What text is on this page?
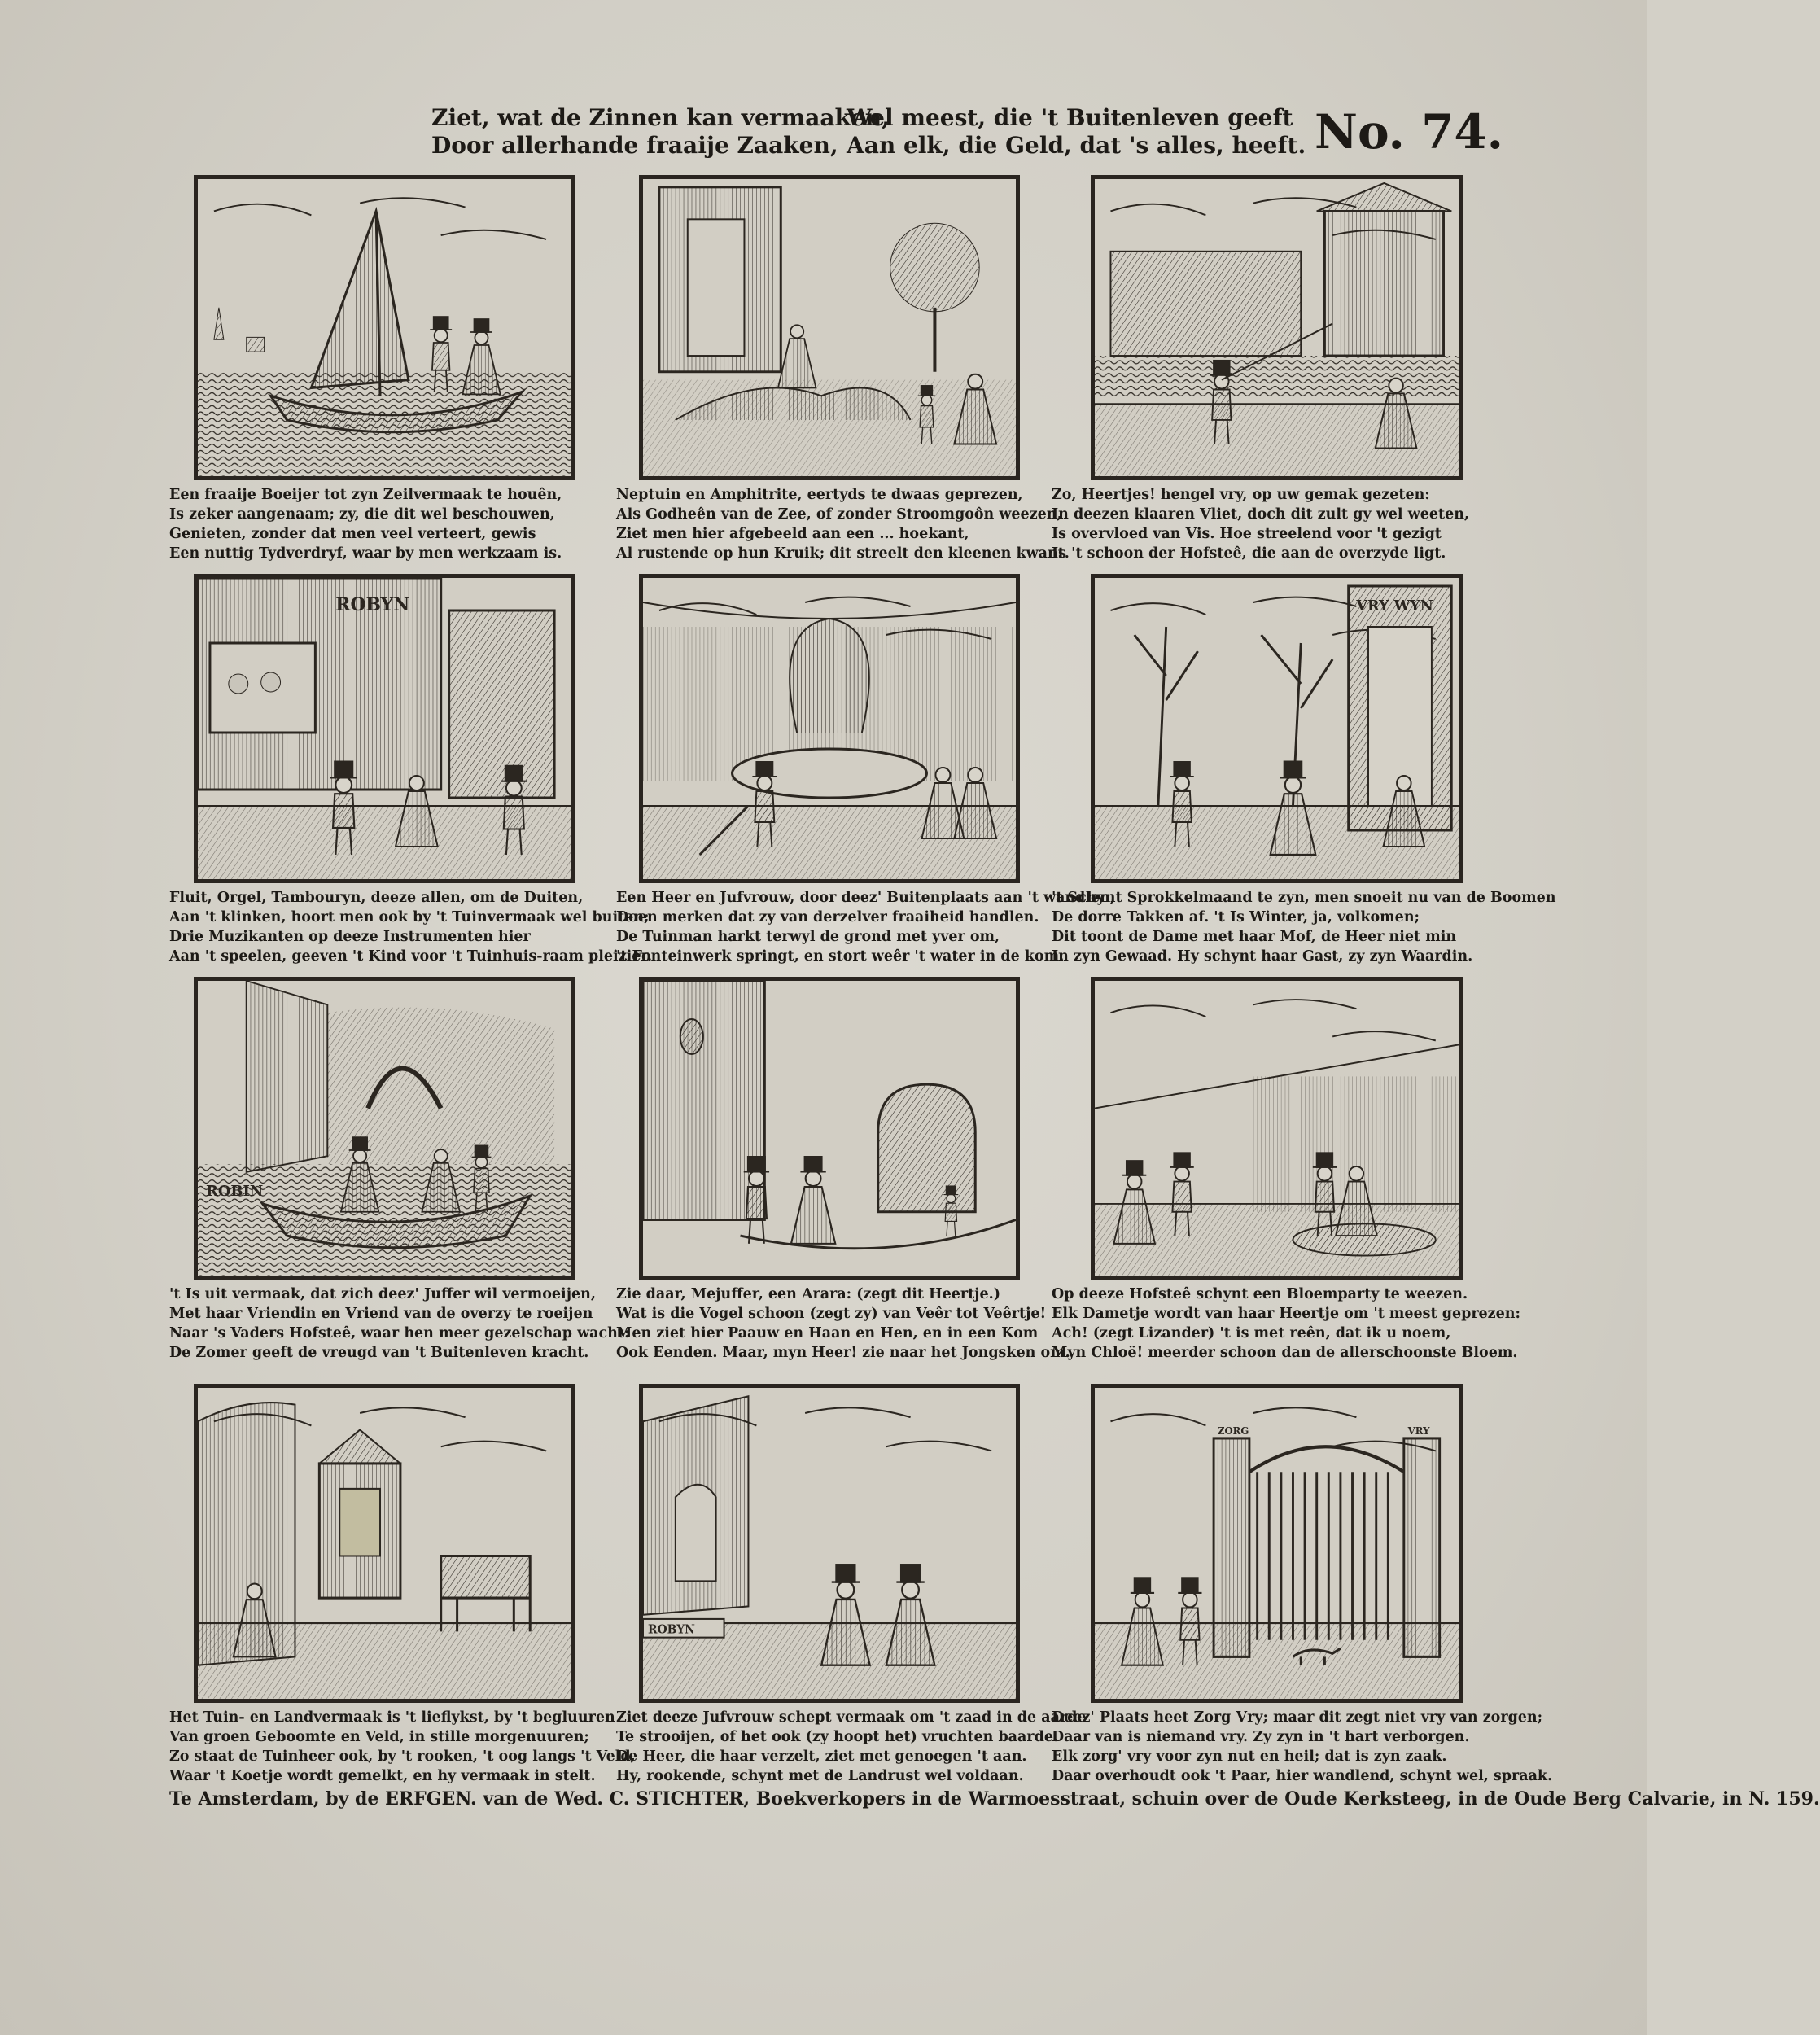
Ziet, wat de Zinnen kan vermaaken,
Door allerhande fraaije Zaaken,
Wel meest, die 't Buitenleven geeft
Aan elk, die Geld, dat 's alles, heeft. No. 74.
Een fraaije Boeijer tot zyn Zeilvermaak te houên,
Is zeker aangenaam; zy, die dit wel beschouwen,
Genieten, zonder dat men veel verteert, gewis
Een nuttig Tydverdryf, waar by men werkzaam is.
Neptuin en Amphitrite, eertyds te dwaas geprezen,
Als Godheên van de Zee, of zonder Stroomgoôn weezen,
Ziet men hier afgebeeld aan een ... hoekant,
Al rustende op hun Kruik; dit streelt den kleenen kwant.
Zo, Heertjes! hengel vry, op uw gemak gezeten:
In deezen klaaren Vliet, doch dit zult gy wel weeten,
Is overvloed van Vis. Hoe streelend voor 't gezigt
Is 't schoon der Hofsteê, die aan de overzyde ligt.
ROBYN
Fluit, Orgel, Tambouryn, deeze allen, om de Duiten,
Aan 't klinken, hoort men ook by 't Tuinvermaak wel buiten;
Drie Muzikanten op deeze Instrumenten hier
Aan 't speelen, geeven 't Kind voor 't Tuinhuis-raam pleizier.
Een Heer en Jufvrouw, door deez' Buitenplaats aan 't wandlen,
Doen merken dat zy van derzelver fraaiheid handlen.
De Tuinman harkt terwyl de grond met yver om,
't Fonteinwerk springt, en stort weêr 't water in de kom.
VRY WYN
't Schynt Sprokkelmaand te zyn, men snoeit nu van de Boomen
De dorre Takken af. 't Is Winter, ja, volkomen;
Dit toont de Dame met haar Mof, de Heer niet min
In zyn Gewaad. Hy schynt haar Gast, zy zyn Waardin.
ROBIN
't Is uit vermaak, dat zich deez' Juffer wil vermoeijen,
Met haar Vriendin en Vriend van de overzy te roeijen
Naar 's Vaders Hofsteê, waar hen meer gezelschap wacht:
De Zomer geeft de vreugd van 't Buitenleven kracht.
Zie daar, Mejuffer, een Arara: (zegt dit Heertje.)
Wat is die Vogel schoon (zegt zy) van Veêr tot Veêrtje!
Men ziet hier Paauw en Haan en Hen, en in een Kom
Ook Eenden. Maar, myn Heer! zie naar het Jongsken om.
Op deeze Hofsteê schynt een Bloemparty te weezen.
Elk Dametje wordt van haar Heertje om 't meest geprezen:
Ach! (zegt Lizander) 't is met reên, dat ik u noem,
Myn Chloë! meerder schoon dan de allerschoonste Bloem.
Het Tuin- en Landvermaak is 't lieflykst, by 't begluuren
Van groen Geboomte en Veld, in stille morgenuuren;
Zo staat de Tuinheer ook, by 't rooken, 't oog langs 't Veld,
Waar 't Koetje wordt gemelkt, en hy vermaak in stelt.
ROBYN
Ziet deeze Jufvrouw schept vermaak om 't zaad in de aarde
Te strooijen, of het ook (zy hoopt het) vruchten baarde.
De Heer, die haar verzelt, ziet met genoegen 't aan.
Hy, rookende, schynt met de Landrust wel voldaan.
ZORG	VRY
Deez' Plaats heet Zorg Vry; maar dit zegt niet vry van zorgen;
Daar van is niemand vry. Zy zyn in 't hart verborgen.
Elk zorg' vry voor zyn nut en heil; dat is zyn zaak.
Daar overhoudt ook 't Paar, hier wandlend, schynt wel, spraak.
Te Amsterdam, by de ERFGEN. van de Wed. C. STICHTER, Boekverkopers in de Warmoesstraat, schuin over de Oude Kerksteeg, in de Oude Berg Calvarie, in N. 159.
